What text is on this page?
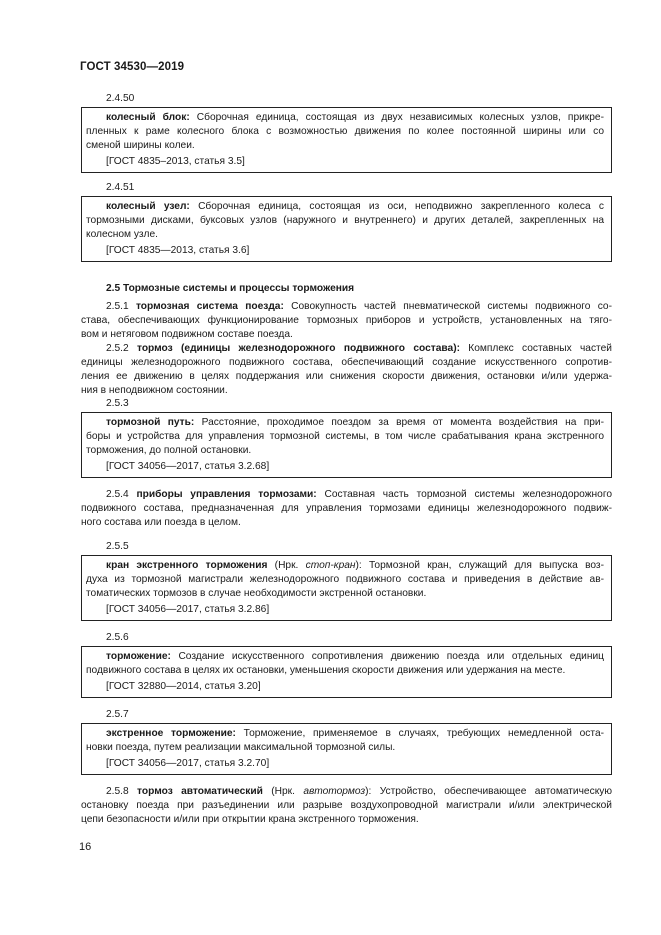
ГОСТ 34530—2019
2.4.50
колесный блок: Сборочная единица, состоящая из двух независимых колесных узлов, прикре-
пленных к раме колесного блока с возможностью движения по колее постоянной ширины или со
сменой ширины колеи.
[ГОСТ 4835–2013, статья 3.5]
2.4.51
колесный узел: Сборочная единица, состоящая из оси, неподвижно закрепленного колеса с
тормозными дисками, буксовых узлов (наружного и внутреннего) и других деталей, закрепленных на
колесном узле.
[ГОСТ 4835—2013, статья 3.6]
2.5 Тормозные системы и процессы торможения
2.5.1 тормозная система поезда: Совокупность частей пневматической системы подвижного со-
става, обеспечивающих функционирование тормозных приборов и устройств, установленных на тяго-
вом и нетяговом подвижном составе поезда.
2.5.2 тормоз (единицы железнодорожного подвижного состава): Комплекс составных частей
единицы железнодорожного подвижного состава, обеспечивающий создание искусственного сопротив-
ления ее движению в целях поддержания или снижения скорости движения, остановки и/или удержа-
ния в неподвижном состоянии.
2.5.3
тормозной путь: Расстояние, проходимое поездом за время от момента воздействия на при-
боры и устройства для управления тормозной системы, в том числе срабатывания крана экстренного
торможения, до полной остановки.
[ГОСТ 34056—2017, статья 3.2.68]
2.5.4 приборы управления тормозами: Составная часть тормозной системы железнодорожного
подвижного состава, предназначенная для управления тормозами единицы железнодорожного подвиж-
ного состава или поезда в целом.
2.5.5
кран экстренного торможения (Нрк. стоп-кран): Тормозной кран, служащий для выпуска воз-
духа из тормозной магистрали железнодорожного подвижного состава и приведения в действие ав-
томатических тормозов в случае необходимости экстренной остановки.
[ГОСТ 34056—2017, статья 3.2.86]
2.5.6
торможение: Создание искусственного сопротивления движению поезда или отдельных единиц
подвижного состава в целях их остановки, уменьшения скорости движения или удержания на месте.
[ГОСТ 32880—2014, статья 3.20]
2.5.7
экстренное торможение: Торможение, применяемое в случаях, требующих немедленной оста-
новки поезда, путем реализации максимальной тормозной силы.
[ГОСТ 34056—2017, статья 3.2.70]
2.5.8 тормоз автоматический (Нрк. автотормоз): Устройство, обеспечивающее автоматическую
остановку поезда при разъединении или разрыве воздухопроводной магистрали и/или электрической
цепи безопасности и/или при открытии крана экстренного торможения.
16
